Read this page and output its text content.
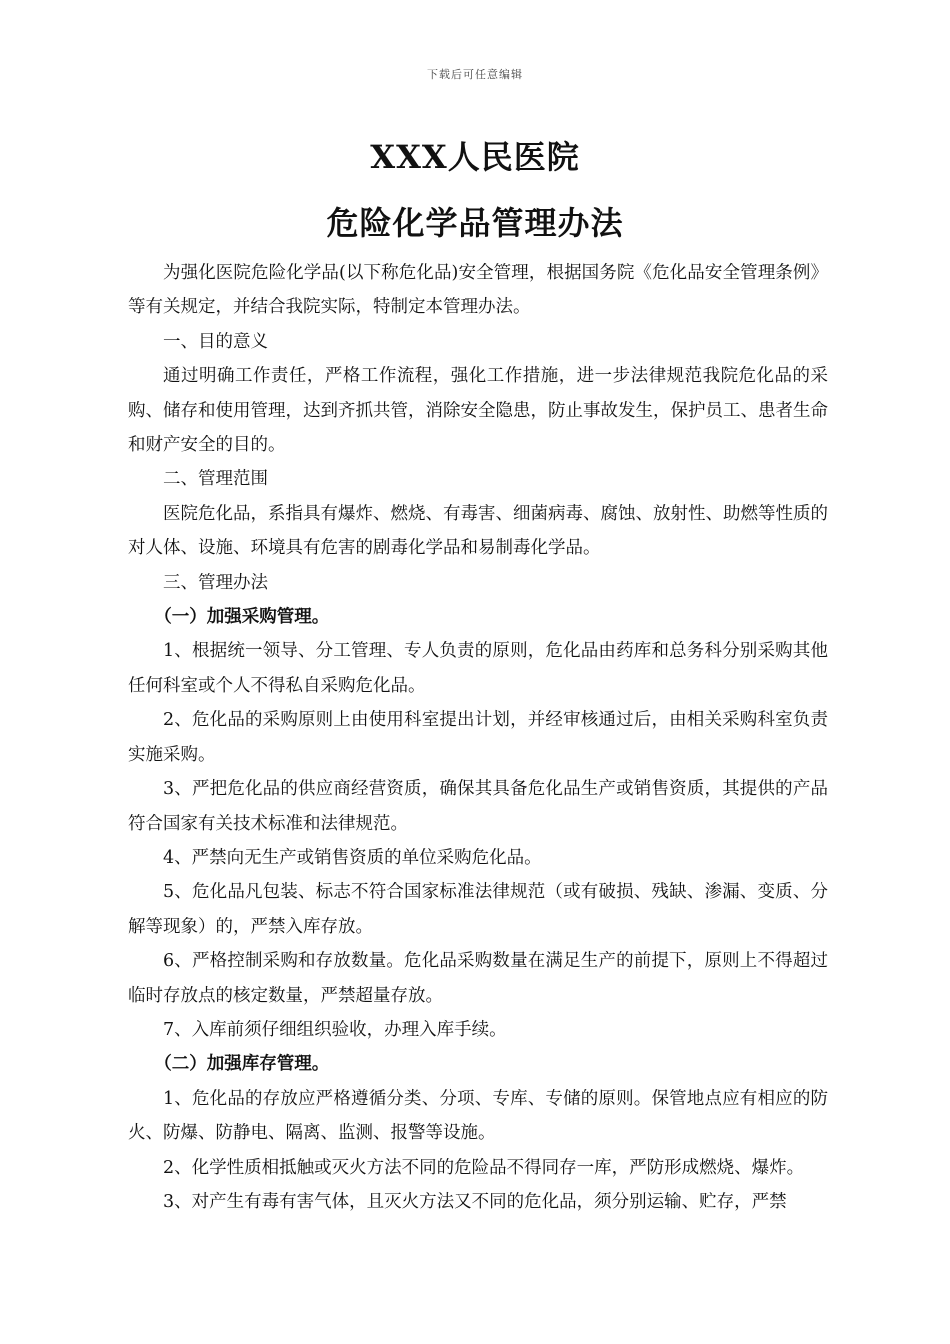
下载后可任意编辑
XXX人民医院
危险化学品管理办法

为强化医院危险化学品(以下称危化品)安全管理，根据国务院《危化品安全管理条例》等有关规定，并结合我院实际，特制定本管理办法。

一、目的意义

通过明确工作责任，严格工作流程，强化工作措施，进一步法律规范我院危化品的采购、储存和使用管理，达到齐抓共管，消除安全隐患，防止事故发生，保护员工、患者生命和财产安全的目的。

二、管理范围

医院危化品，系指具有爆炸、燃烧、有毒害、细菌病毒、腐蚀、放射性、助燃等性质的对人体、设施、环境具有危害的剧毒化学品和易制毒化学品。

三、管理办法

（一）加强采购管理。

1、根据统一领导、分工管理、专人负责的原则，危化品由药库和总务科分别采购其他任何科室或个人不得私自采购危化品。

2、危化品的采购原则上由使用科室提出计划，并经审核通过后，由相关采购科室负责实施采购。

3、严把危化品的供应商经营资质，确保其具备危化品生产或销售资质，其提供的产品符合国家有关技术标准和法律规范。

4、严禁向无生产或销售资质的单位采购危化品。

5、危化品凡包装、标志不符合国家标准法律规范（或有破损、残缺、渗漏、变质、分解等现象）的，严禁入库存放。

6、严格控制采购和存放数量。危化品采购数量在满足生产的前提下，原则上不得超过临时存放点的核定数量，严禁超量存放。

7、入库前须仔细组织验收，办理入库手续。

（二）加强库存管理。

1、危化品的存放应严格遵循分类、分项、专库、专储的原则。保管地点应有相应的防火、防爆、防静电、隔离、监测、报警等设施。

2、化学性质相抵触或灭火方法不同的危险品不得同存一库，严防形成燃烧、爆炸。

3、对产生有毒有害气体，且灭火方法又不同的危化品，须分别运输、贮存，严禁
